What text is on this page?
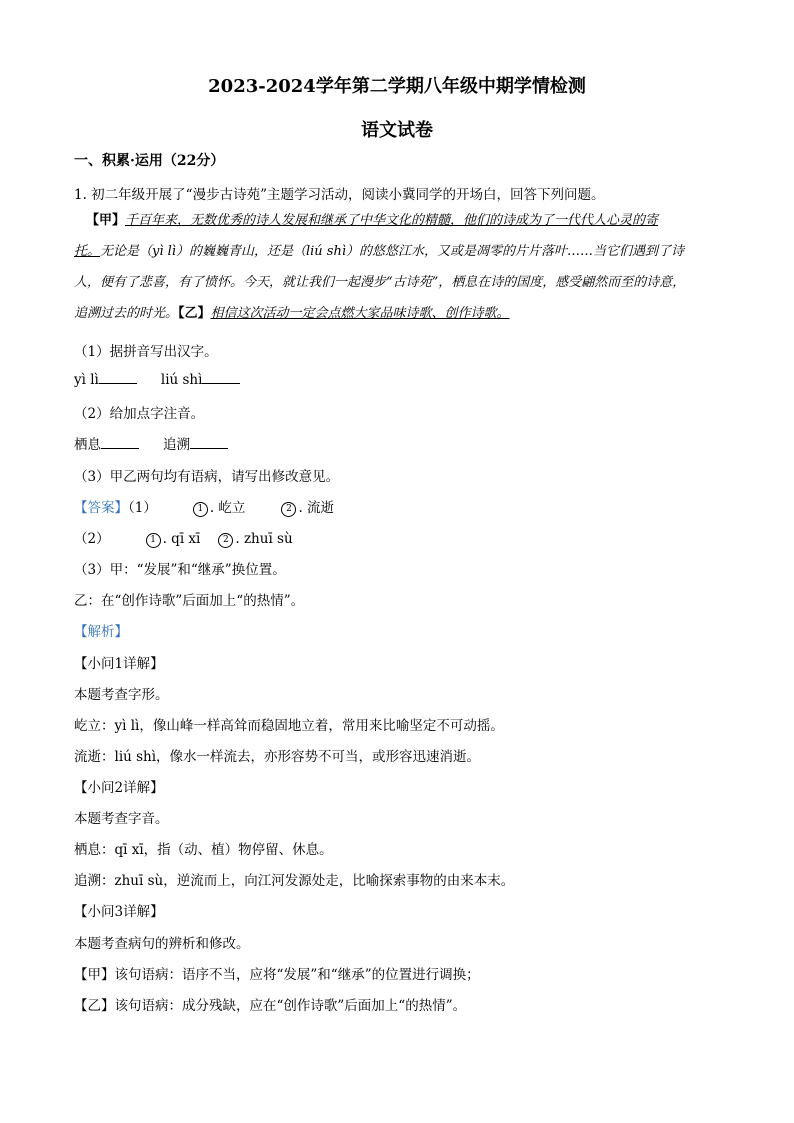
2023-2024学年第二学期八年级中期学情检测
语文试卷
一、积累·运用（22分）
1. 初二年级开展了“漫步古诗苑”主题学习活动，阅读小冀同学的开场白，回答下列问题。
【甲】千百年来，无数优秀的诗人发展和继承了中华文化的精髓，他们的诗成为了一代代人心灵的寄
托。无论是（yì lì）的巍巍青山，还是（liú shì）的悠悠江水，又或是凋零的片片落叶……当它们遇到了诗
人，便有了悲喜，有了愤怀。今天，就让我们一起漫步“古诗苑”，栖息在诗的国度，感受翩然而至的诗意，
追溯过去的时光。【乙】相信这次活动一定会点燃大家品味诗歌、创作诗歌。
（1）据拼音写出汉字。
yì lì	liú shì
（2）给加点字注音。
栖息	追溯
（3）甲乙两句均有语病，请写出修改意见。
【答案】（1）	1 . 屹立	2 . 流逝
（2）	1 . qī xī	2 . zhuī sù
（3）甲：“发展”和“继承”换位置。
乙：在“创作诗歌”后面加上“的热情”。
【解析】
【小问1详解】
本题考查字形。
屹立：yì lì，像山峰一样高耸而稳固地立着，常用来比喻坚定不可动摇。
流逝：liú shì，像水一样流去，亦形容势不可当，或形容迅速消逝。
【小问2详解】
本题考查字音。
栖息：qī xī，指（动、植）物停留、休息。
追溯：zhuī sù，逆流而上，向江河发源处走，比喻探索事物的由来本末。
【小问3详解】
本题考查病句的辨析和修改。
【甲】该句语病：语序不当，应将“发展”和“继承”的位置进行调换；
【乙】该句语病：成分残缺，应在“创作诗歌”后面加上“的热情”。
